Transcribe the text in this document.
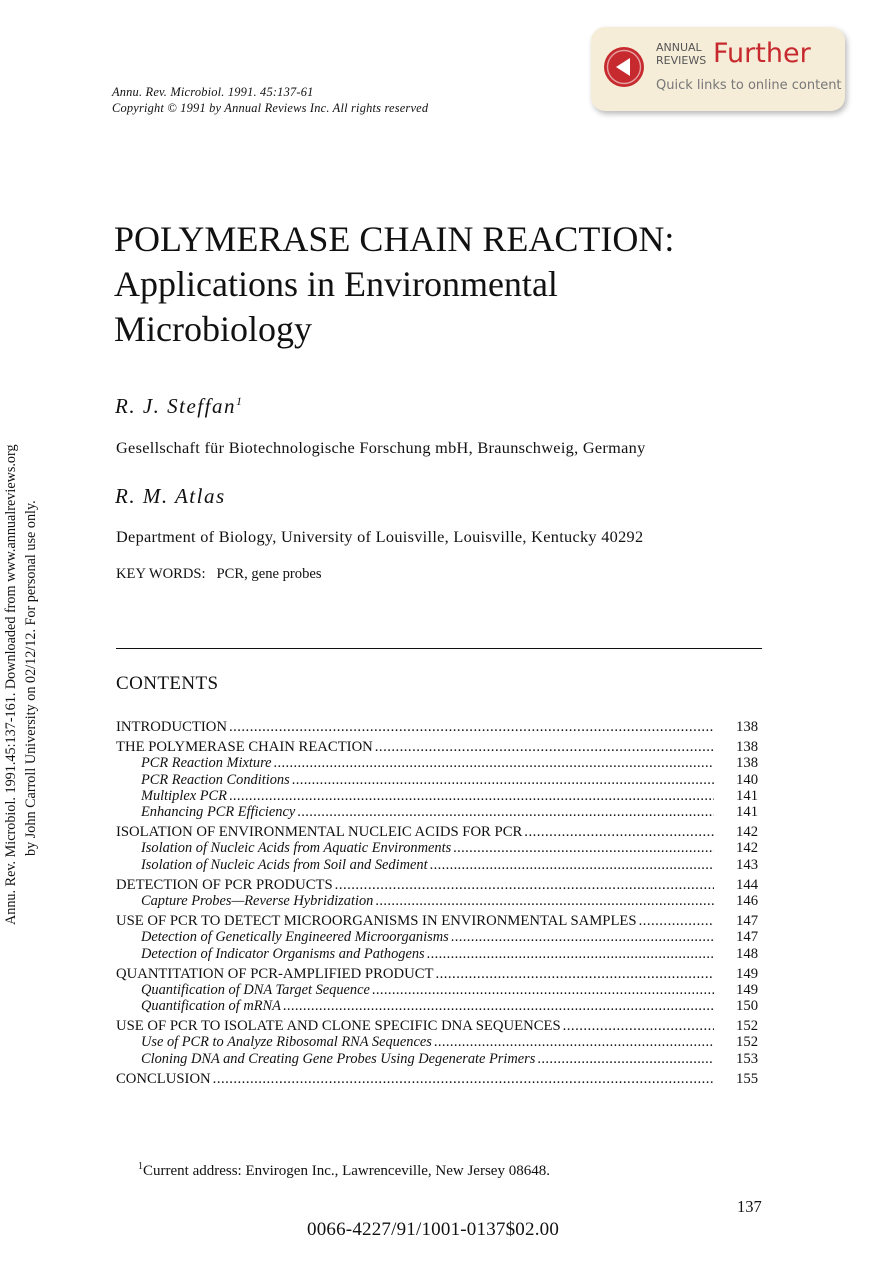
Annu. Rev. Microbiol. 1991.45:137-161. Downloaded from www.annualreviews.org by John Carroll University on 02/12/12. For personal use only.
Annu. Rev. Microbiol. 1991. 45:137-61
Copyright © 1991 by Annual Reviews Inc. All rights reserved
ANNUAL
REVIEWS Further
Quick links to online content
POLYMERASE CHAIN REACTION:
Applications in Environmental
Microbiology
R. J. Steffan$^1$
Gesellschaft für Biotechnologische Forschung mbH, Braunschweig, Germany
R. M. Atlas
Department of Biology, University of Louisville, Louisville, Kentucky 40292
KEY WORDS: PCR, gene probes
CONTENTS
INTRODUCTION . . .	138
THE POLYMERASE CHAIN REACTION . . .	138
PCR Reaction Mixture . . .	138
PCR Reaction Conditions . . .	140
Multiplex PCR . . .	141
Enhancing PCR Efficiency . . .	141
ISOLATION OF ENVIRONMENTAL NUCLEIC ACIDS FOR PCR . . .	142
Isolation of Nucleic Acids from Aquatic Environments . . .	142
Isolation of Nucleic Acids from Soil and Sediment . . .	143
DETECTION OF PCR PRODUCTS . . .	144
Capture Probes—Reverse Hybridization . . .	146
USE OF PCR TO DETECT MICROORGANISMS IN ENVIRONMENTAL SAMPLES . . .	147
Detection of Genetically Engineered Microorganisms . . .	147
Detection of Indicator Organisms and Pathogens . . .	148
QUANTITATION OF PCR-AMPLIFIED PRODUCT . . .	149
Quantification of DNA Target Sequence . . .	149
Quantification of mRNA . . .	150
USE OF PCR TO ISOLATE AND CLONE SPECIFIC DNA SEQUENCES . . .	152
Use of PCR to Analyze Ribosomal RNA Sequences . . .	152
Cloning DNA and Creating Gene Probes Using Degenerate Primers . . .	153
CONCLUSION . . .	155
$^1$Current address: Envirogen Inc., Lawrenceville, New Jersey 08648.
137
0066-4227/91/1001-0137$02.00
